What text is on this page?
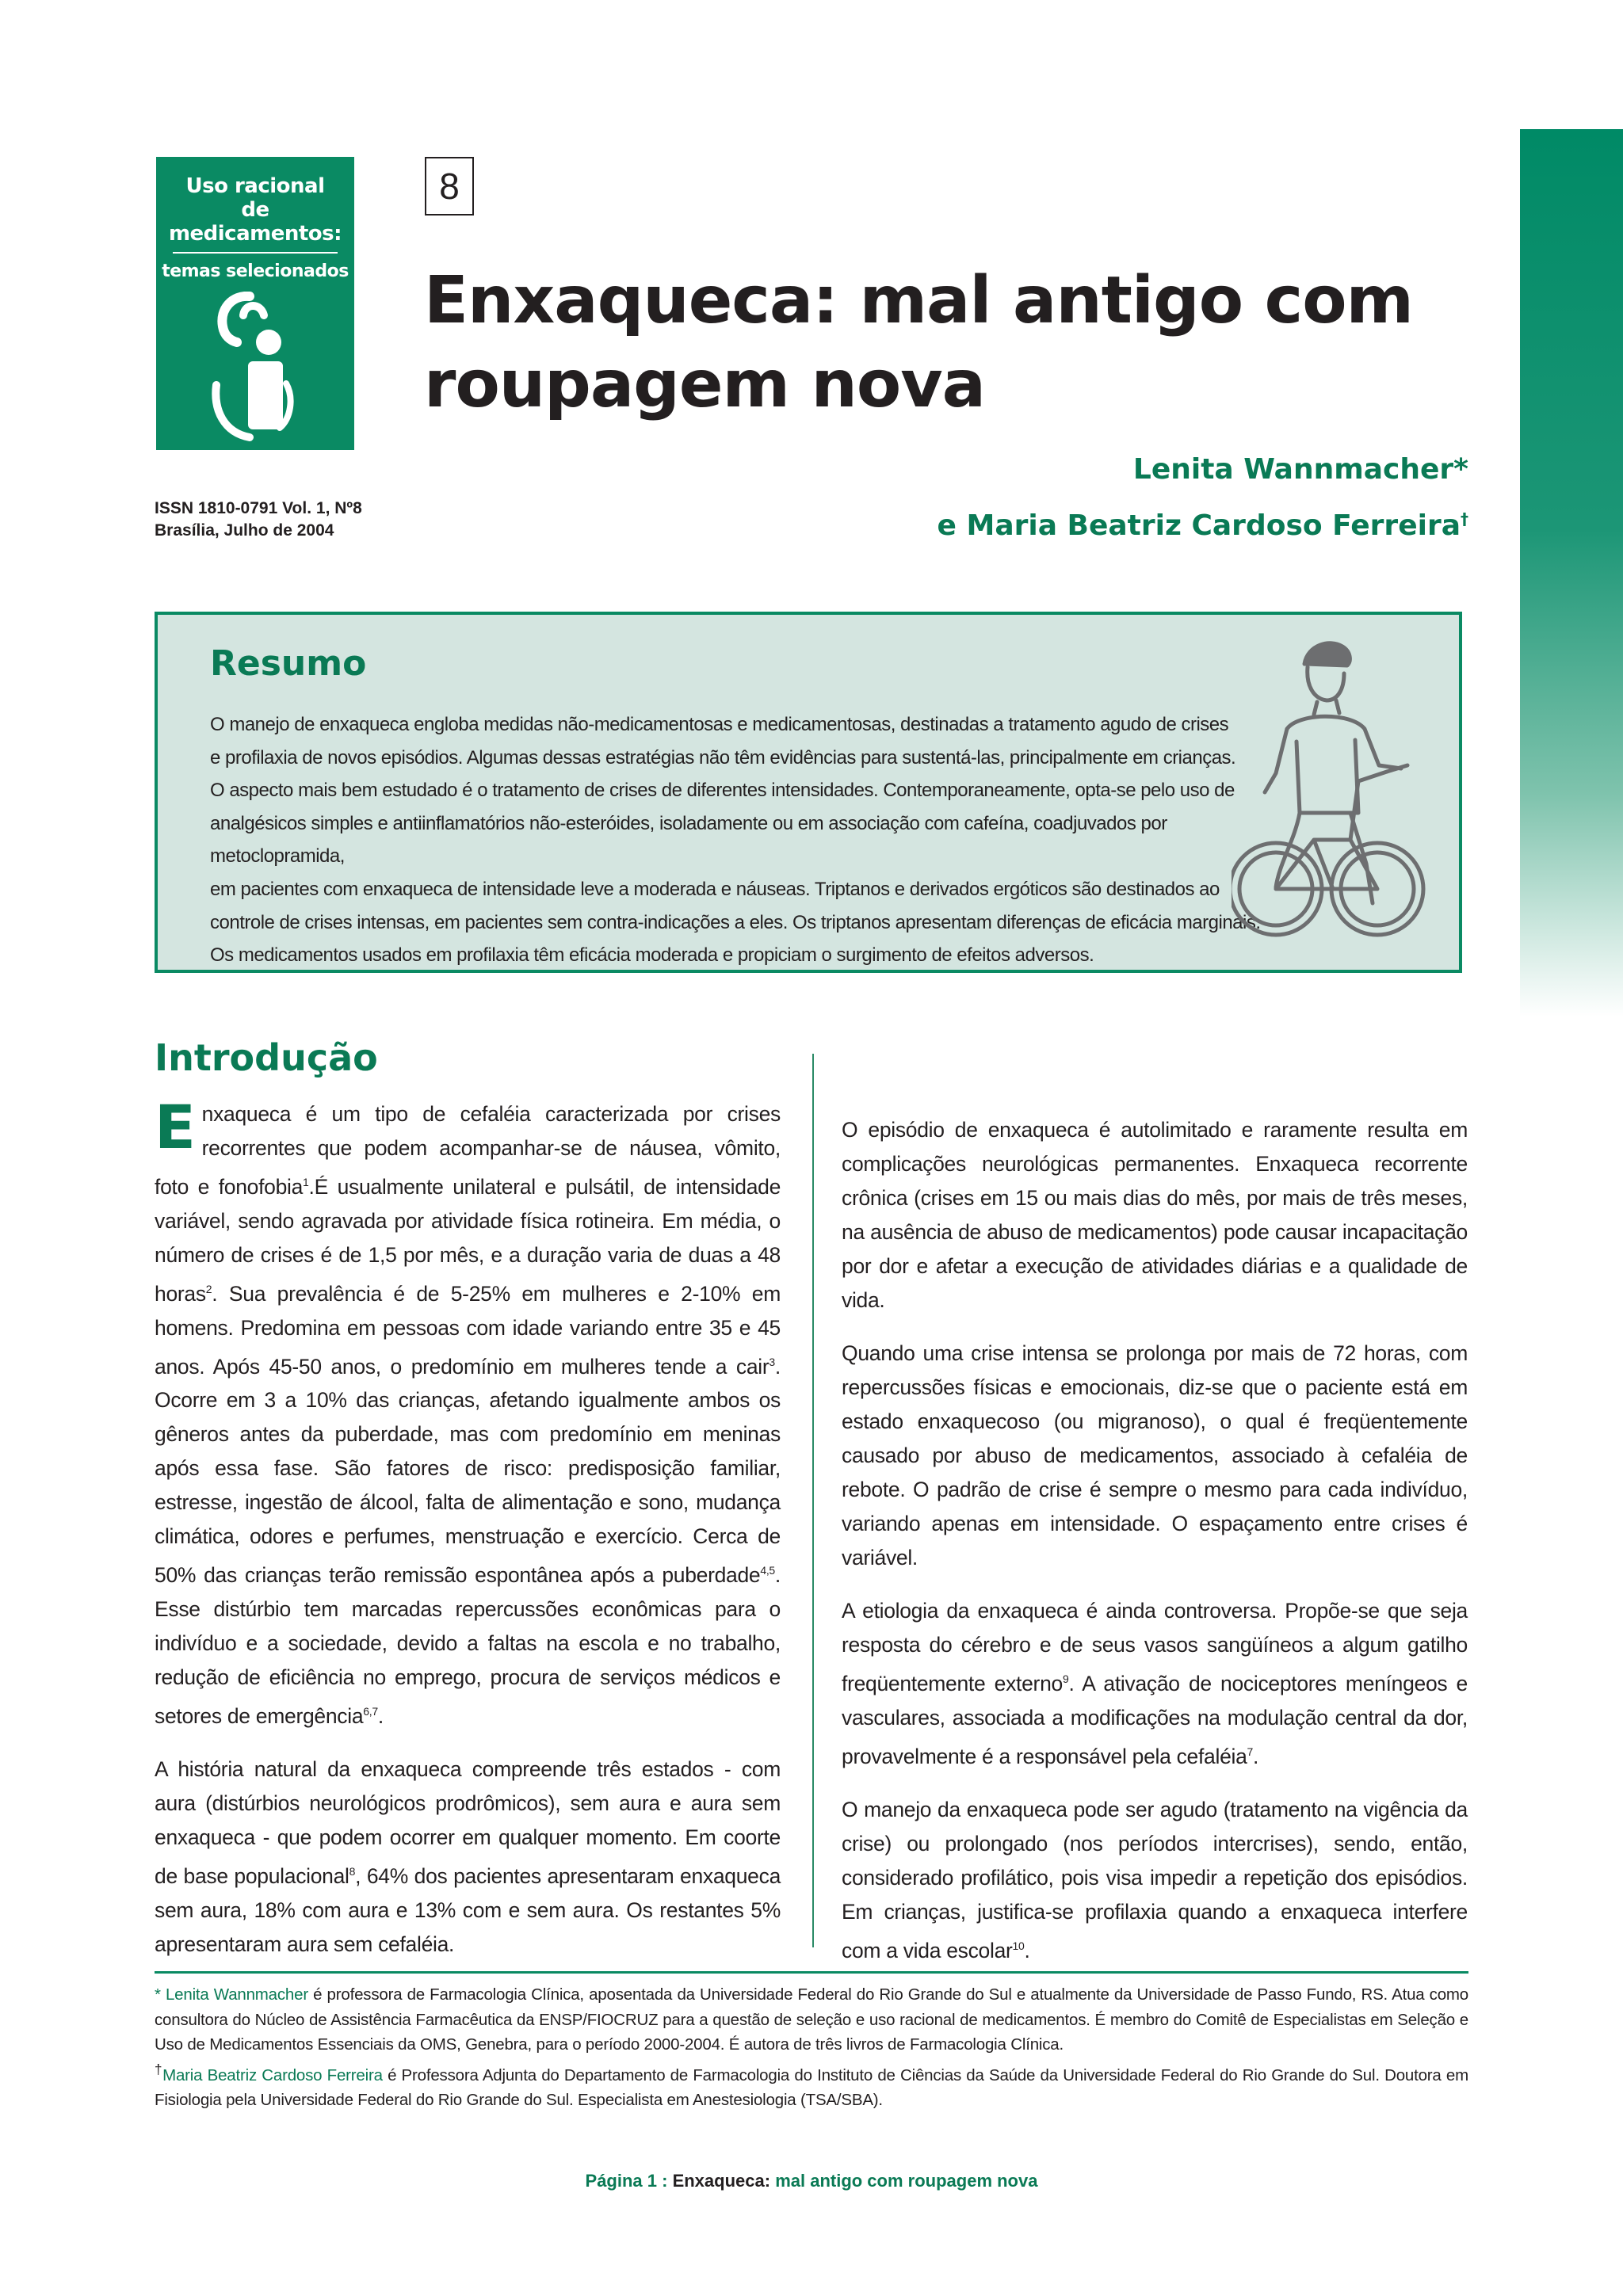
Uso racional
de medicamentos:
temas selecionados
ISSN 1810-0791 Vol. 1, Nº8
Brasília, Julho de 2004
8
Enxaqueca: mal antigo com
roupagem nova
Lenita Wannmacher*
e Maria Beatriz Cardoso Ferreira†
Resumo
O manejo de enxaqueca engloba medidas não-medicamentosas e medicamentosas, destinadas a tratamento agudo de crises
e profilaxia de novos episódios. Algumas dessas estratégias não têm evidências para sustentá-las, principalmente em crianças.
O aspecto mais bem estudado é o tratamento de crises de diferentes intensidades. Contemporaneamente, opta-se pelo uso de
analgésicos simples e antiinflamatórios não-esteróides, isoladamente ou em associação com cafeína, coadjuvados por metoclopramida,
em pacientes com enxaqueca de intensidade leve a moderada e náuseas. Triptanos e derivados ergóticos são destinados ao
controle de crises intensas, em pacientes sem contra-indicações a eles. Os triptanos apresentam diferenças de eficácia marginais.
Os medicamentos usados em profilaxia têm eficácia moderada e propiciam o surgimento de efeitos adversos.
Introdução

Enxaqueca é um tipo de cefaléia caracterizada por crises recorrentes que podem acompanhar-se de náusea, vômito, foto e fonofobia$^1$.É usualmente unilateral e pulsátil, de intensidade variável, sendo agravada por atividade física rotineira. Em média, o número de crises é de 1,5 por mês, e a duração varia de duas a 48 horas$^2$. Sua prevalência é de 5-25% em mulheres e 2-10% em homens. Predomina em pessoas com idade variando entre 35 e 45 anos. Após 45-50 anos, o predomínio em mulheres tende a cair$^3$. Ocorre em 3 a 10% das crianças, afetando igualmente ambos os gêneros antes da puberdade, mas com predomínio em meninas após essa fase. São fatores de risco: predisposição familiar, estresse, ingestão de álcool, falta de alimentação e sono, mudança climática, odores e perfumes, menstruação e exercício. Cerca de 50% das crianças terão remissão espontânea após a puberdade$^{4,5}$. Esse distúrbio tem marcadas repercussões econômicas para o indivíduo e a sociedade, devido a faltas na escola e no trabalho, redução de eficiência no emprego, procura de serviços médicos e setores de emergência$^{6,7}$.

A história natural da enxaqueca compreende três estados - com aura (distúrbios neurológicos prodrômicos), sem aura e aura sem enxaqueca - que podem ocorrer em qualquer momento. Em coorte de base populacional$^8$, 64% dos pacientes apresentaram enxaqueca sem aura, 18% com aura e 13% com e sem aura. Os restantes 5% apresentaram aura sem cefaléia.

O episódio de enxaqueca é autolimitado e raramente resulta em complicações neurológicas permanentes. Enxaqueca recorrente crônica (crises em 15 ou mais dias do mês, por mais de três meses, na ausência de abuso de medicamentos) pode causar incapacitação por dor e afetar a execução de atividades diárias e a qualidade de vida.

Quando uma crise intensa se prolonga por mais de 72 horas, com repercussões físicas e emocionais, diz-se que o paciente está em estado enxaquecoso (ou migranoso), o qual é freqüentemente causado por abuso de medicamentos, associado à cefaléia de rebote. O padrão de crise é sempre o mesmo para cada indivíduo, variando apenas em intensidade. O espaçamento entre crises é variável.

A etiologia da enxaqueca é ainda controversa. Propõe-se que seja resposta do cérebro e de seus vasos sangüíneos a algum gatilho freqüentemente externo$^9$. A ativação de nociceptores meníngeos e vasculares, associada a modificações na modulação central da dor, provavelmente é a responsável pela cefaléia$^7$.

O manejo da enxaqueca pode ser agudo (tratamento na vigência da crise) ou prolongado (nos períodos intercrises), sendo, então, considerado profilático, pois visa impedir a repetição dos episódios. Em crianças, justifica-se profilaxia quando a enxaqueca interfere com a vida escolar$^{10}$.

* Lenita Wannmacher é professora de Farmacologia Clínica, aposentada da Universidade Federal do Rio Grande do Sul e atualmente da Universidade de Passo Fundo, RS. Atua como consultora do Núcleo de Assistência Farmacêutica da ENSP/FIOCRUZ para a questão de seleção e uso racional de medicamentos. É membro do Comitê de Especialistas em Seleção e Uso de Medicamentos Essenciais da OMS, Genebra, para o período 2000-2004. É autora de três livros de Farmacologia Clínica.

†Maria Beatriz Cardoso Ferreira é Professora Adjunta do Departamento de Farmacologia do Instituto de Ciências da Saúde da Universidade Federal do Rio Grande do Sul. Doutora em Fisiologia pela Universidade Federal do Rio Grande do Sul. Especialista em Anestesiologia (TSA/SBA).

Página 1 : Enxaqueca: mal antigo com roupagem nova
